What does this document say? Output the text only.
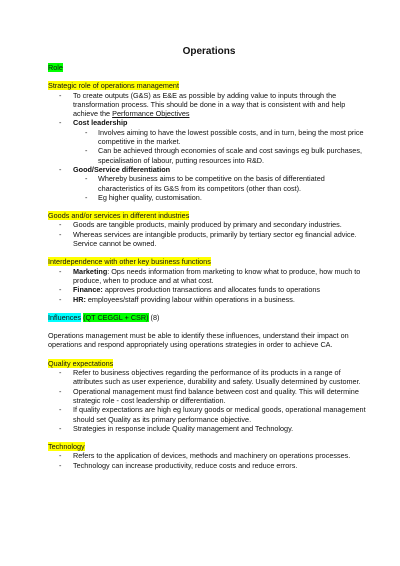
Operations

Role

Strategic role of operations management

- To create outputs (G&S) as E&E as possible by adding value to inputs through the transformation process. This should be done in a way that is consistent with and help achieve the Performance Objectives
- Cost leadership
- Involves aiming to have the lowest possible costs, and in turn, being the most price competitive in the market.
- Can be achieved through economies of scale and cost savings eg bulk purchases, specialisation of labour, putting resources into R&D.
- Good/Service differentiation
- Whereby business aims to be competitive on the basis of differentiated characteristics of its G&S from its competitors (other than cost).
- Eg higher quality, customisation.

Goods and/or services in different industries

- Goods are tangible products, mainly produced by primary and secondary industries.
- Whereas services are intangible products, primarily by tertiary sector eg financial advice. Service cannot be owned.

Interdependence with other key business functions

- Marketing: Ops needs information from marketing to know what to produce, how much to produce, when to produce and at what cost.
- Finance: approves production transactions and allocates funds to operations
- HR: employees/staff providing labour within operations in a business.

Influences (QT CEGGL + CSR) (8)

Operations management must be able to identify these influences, understand their impact on operations and respond appropriately using operations strategies in order to achieve CA.

Quality expectations

- Refer to business objectives regarding the performance of its products in a range of attributes such as user experience, durability and safety. Usually determined by customer.
- Operational management must find balance between cost and quality. This will determine strategic role - cost leadership or differentiation.
- If quality expectations are high eg luxury goods or medical goods, operational management should set Quality as its primary performance objective.
- Strategies in response include Quality management and Technology.

Technology

- Refers to the application of devices, methods and machinery on operations processes.
- Technology can increase productivity, reduce costs and reduce errors.
